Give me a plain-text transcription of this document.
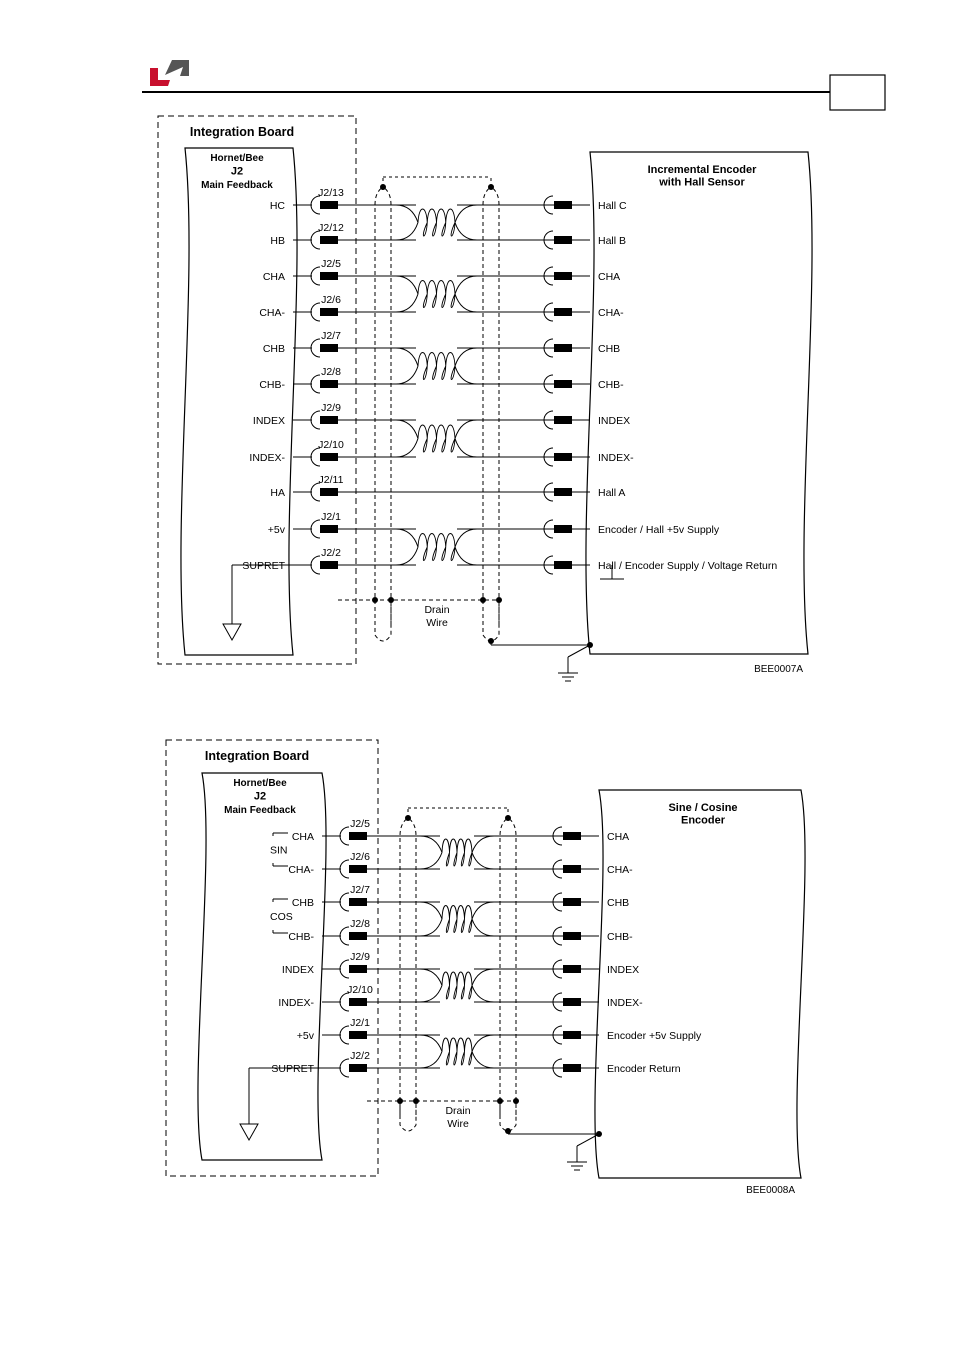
Integration Board
Hornet/Bee
J2
Main Feedback
Incremental Encoder
with Hall Sensor
Drain
Wire
HC
J2/13
Hall C
HB
J2/12
Hall B
CHA
J2/5
CHA
CHA-
J2/6
CHA-
CHB
J2/7
CHB
CHB-
J2/8
CHB-
INDEX
J2/9
INDEX
INDEX-
J2/10
INDEX-
HA
J2/11
Hall A
+5v
J2/1
Encoder / Hall +5v Supply
SUPRET
J2/2
Hall / Encoder Supply / Voltage Return
BEE0007A
Integration Board
Hornet/Bee
J2
Main Feedback	Sine / Cosine
Encoder
Drain
Wire
CHA
J2/5
CHA
CHA-
J2/6
CHA-
CHB
J2/7
CHB
CHB-
J2/8
CHB-
INDEX
J2/9
INDEX
INDEX-
J2/10
INDEX-
+5v
J2/1
Encoder +5v Supply
SUPRET
J2/2
Encoder Return
BEE0008A
SIN
COS
